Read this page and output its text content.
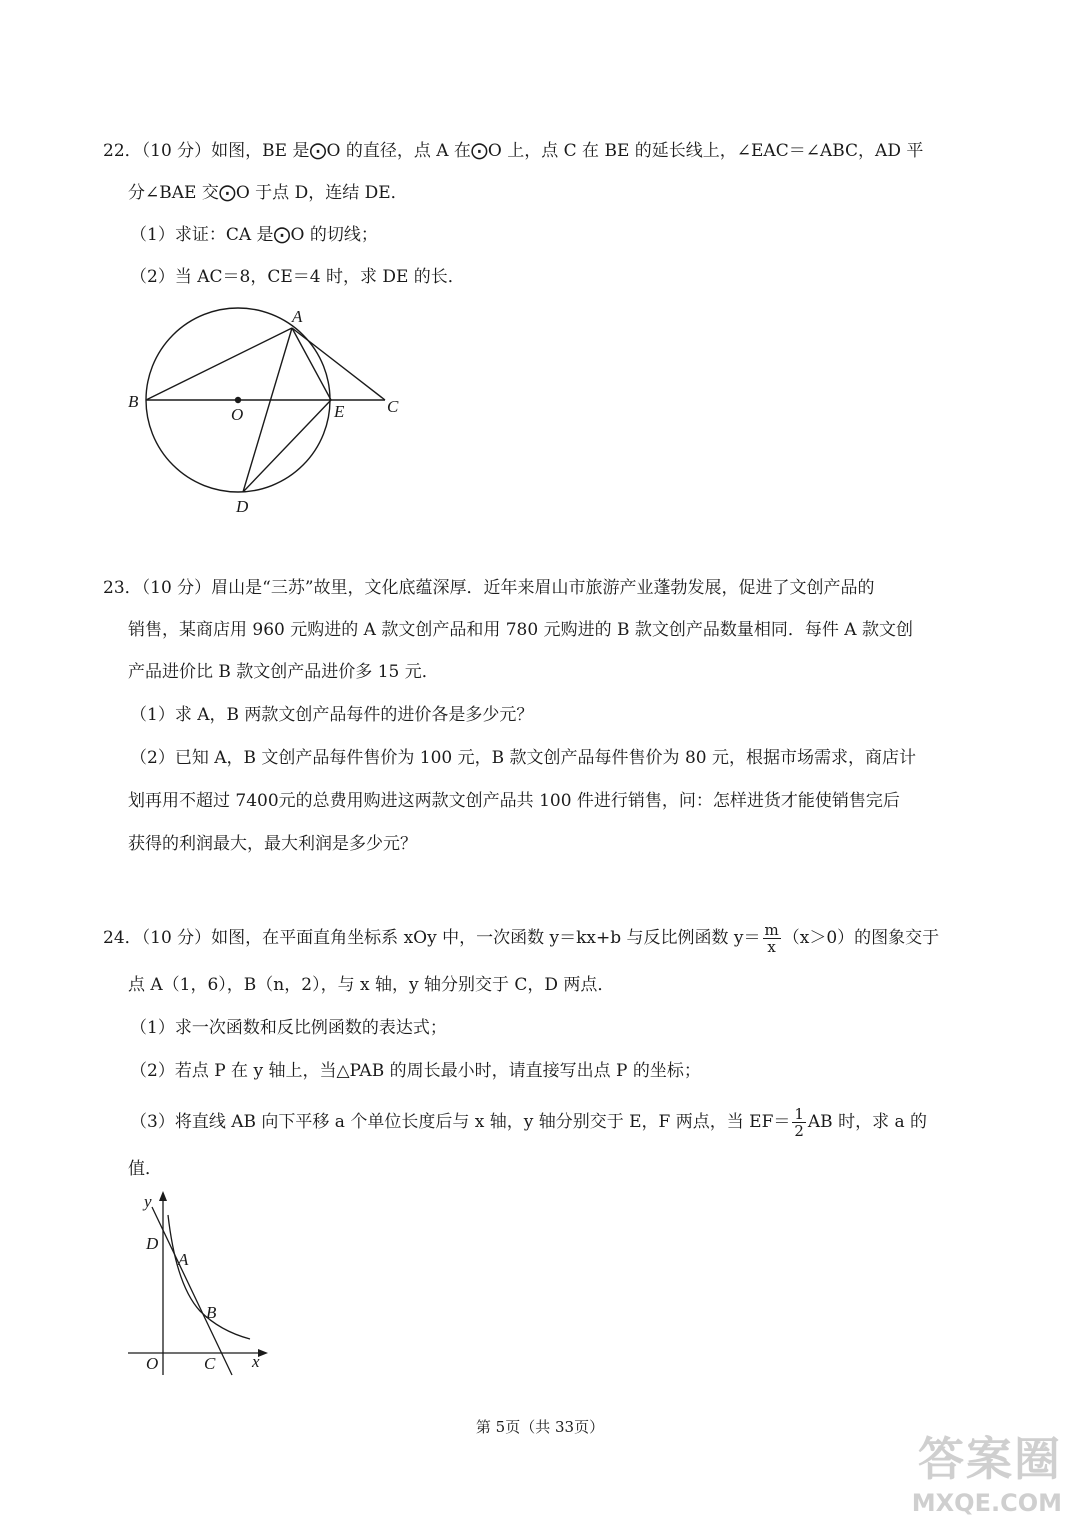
22．（10 分）如图，BE 是⨀O 的直径，点 A 在⨀O 上，点 C 在 BE 的延长线上，∠EAC＝∠ABC，AD 平
分∠BAE 交⨀O 于点 D，连结 DE．
（1）求证：CA 是⨀O 的切线；
（2）当 AC＝8，CE＝4 时，求 DE 的长．
A
B	C
O	E
D
23．（10 分）眉山是“三苏”故里，文化底蕴深厚．近年来眉山市旅游产业蓬勃发展，促进了文创产品的
销售，某商店用 960 元购进的 A 款文创产品和用 780 元购进的 B 款文创产品数量相同．每件 A 款文创
产品进价比 B 款文创产品进价多 15 元．
（1）求 A，B 两款文创产品每件的进价各是多少元？
（2）已知 A，B 文创产品每件售价为 100 元，B 款文创产品每件售价为 80 元，根据市场需求，商店计
划再用不超过 7400元的总费用购进这两款文创产品共 100 件进行销售，问：怎样进货才能使销售完后
获得的利润最大，最大利润是多少元？
24．（10 分）如图，在平面直角坐标系 xOy 中，一次函数 y＝kx+b 与反比例函数 $y= \frac{m}{x} (x>0)$的图象交于
点 A（1，6），B（n，2），与 x 轴，y 轴分别交于 C，D 两点．
（1）求一次函数和反比例函数的表达式；
（2）若点 P 在 y 轴上，当△PAB 的周长最小时，请直接写出点 P 的坐标；
（3）将直线 AB 向下平移 a 个单位长度后与 x 轴，y 轴分别交于 E，F 两点，当 $EF= \frac{1}{2}$ AB 时，求 a 的
值．
y
D
A
B
O	C x
第 5页（共 33页）
答案圈
MXQE.COM
